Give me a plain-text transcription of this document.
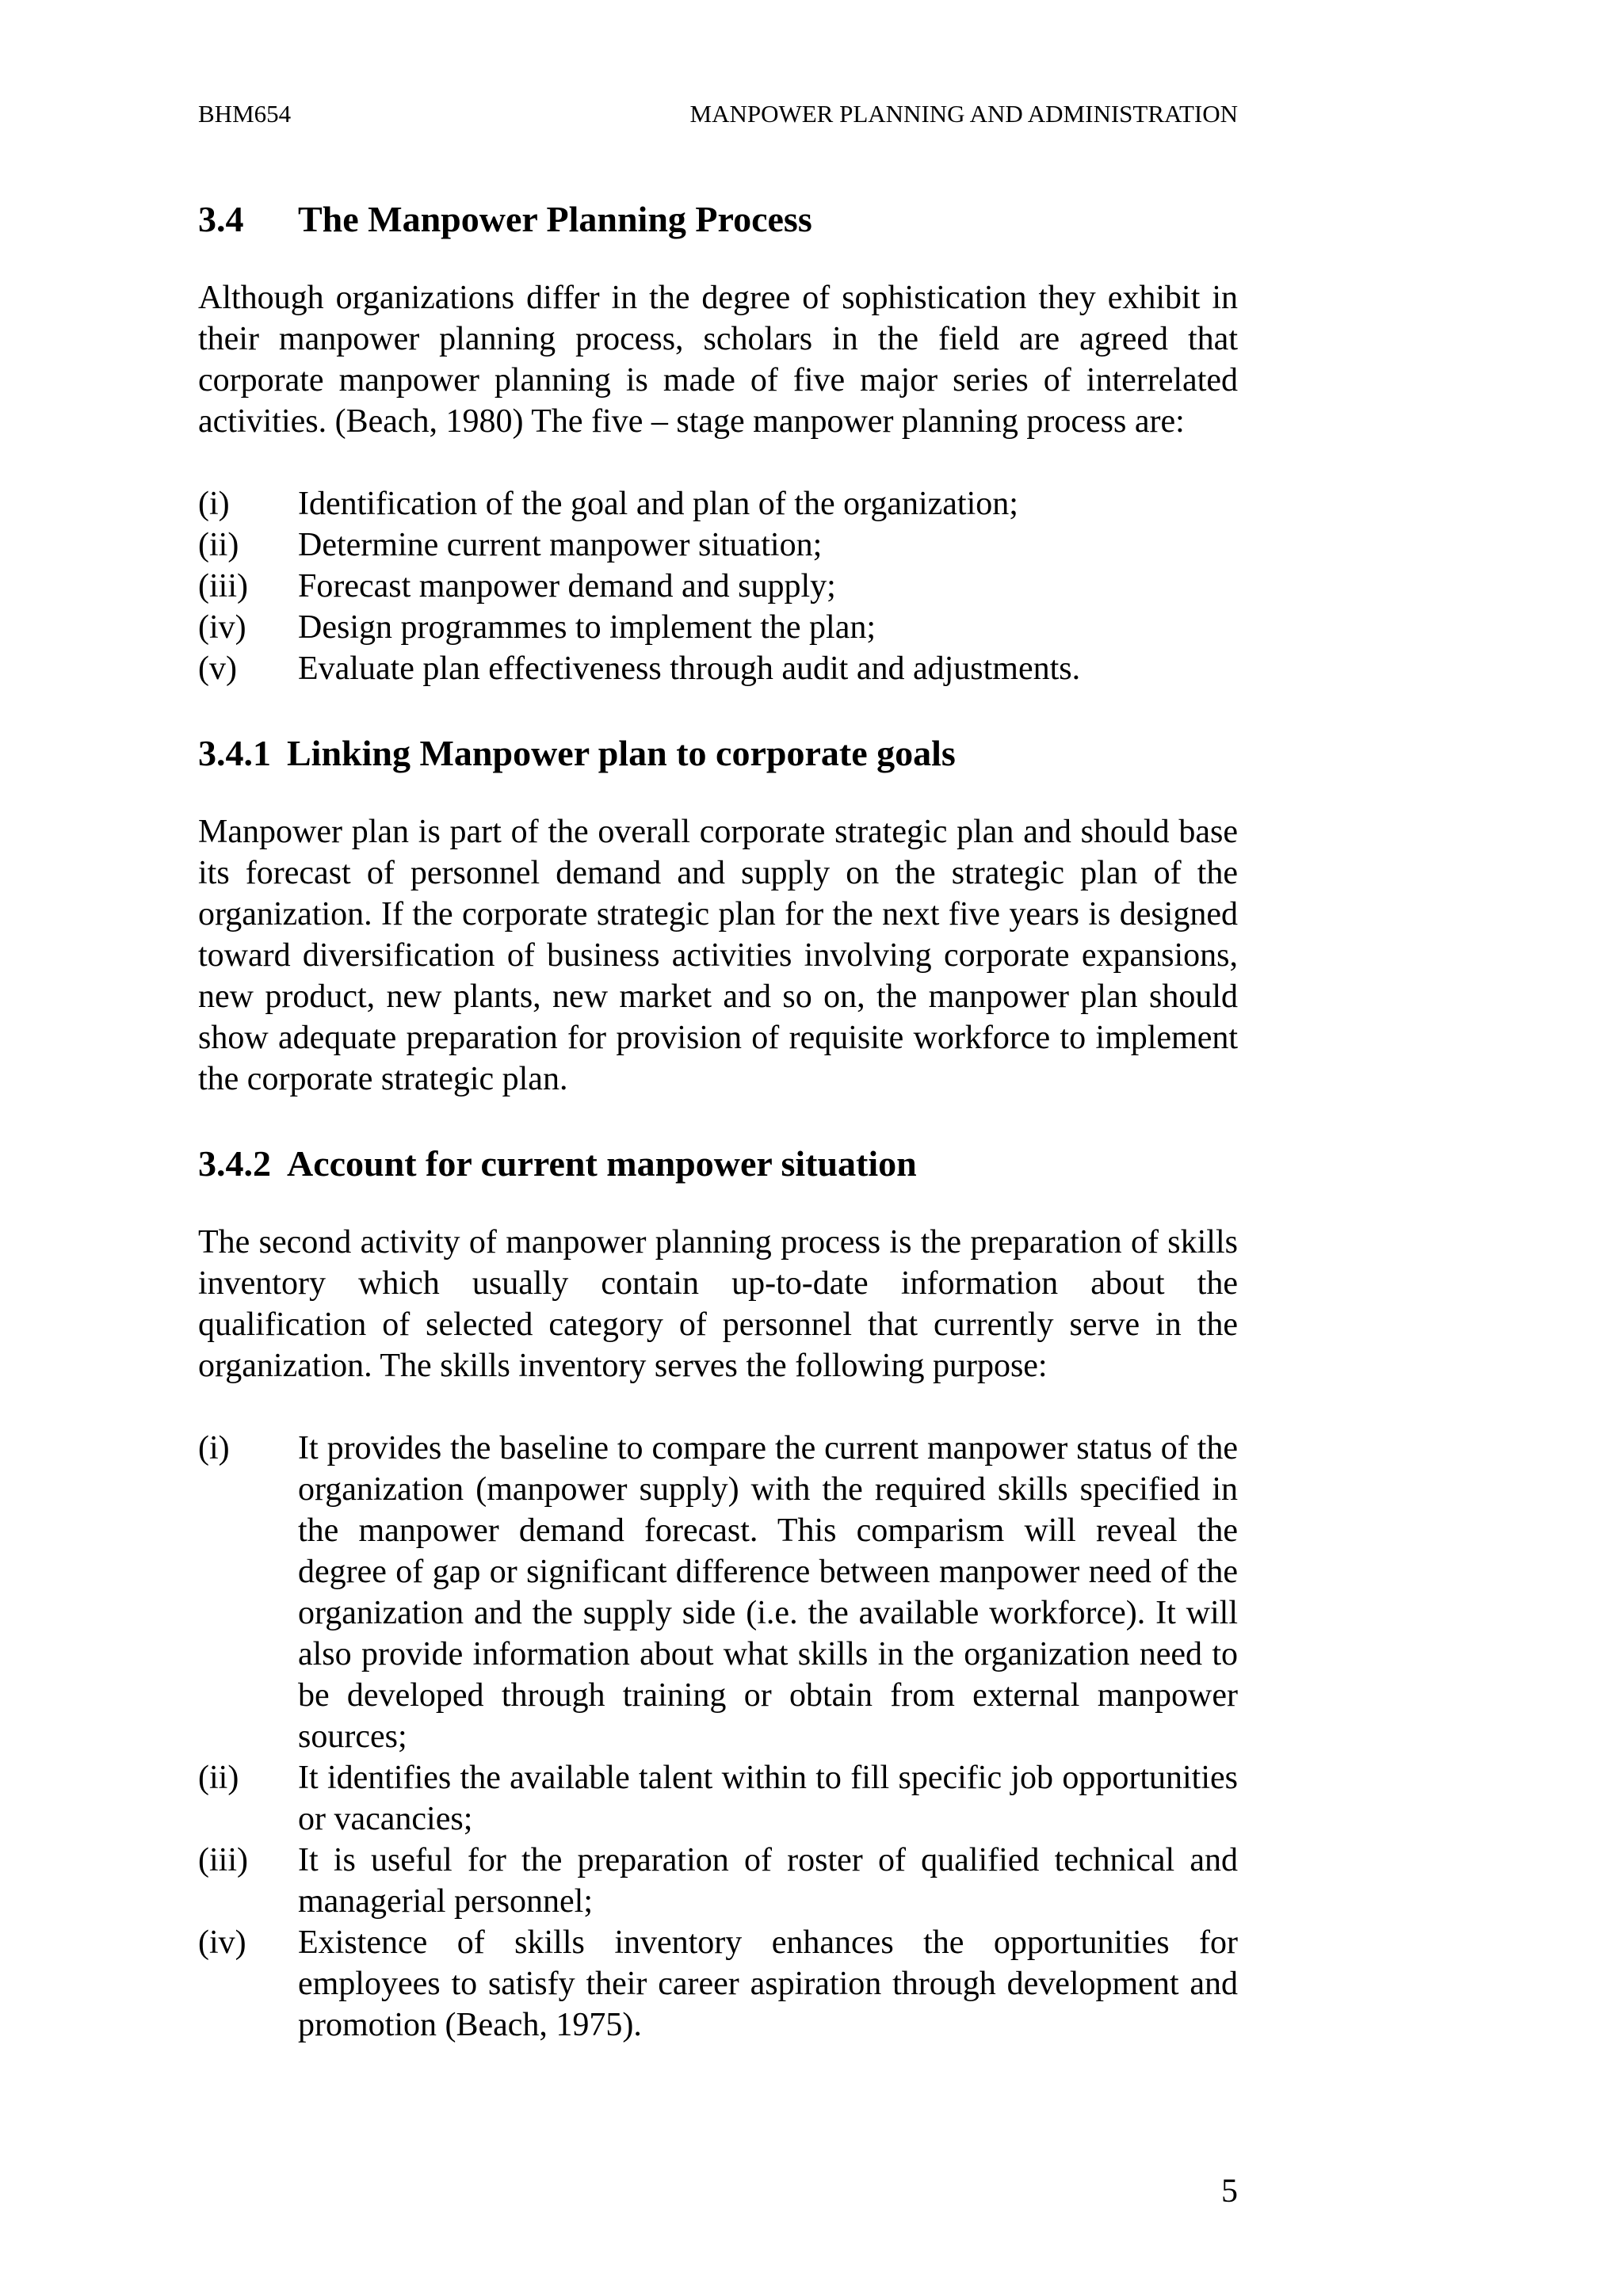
BHM654	MANPOWER PLANNING AND ADMINISTRATION
3.4	The Manpower Planning Process

Although organizations differ in the degree of sophistication they exhibit in their manpower planning process, scholars in the field are agreed that corporate manpower planning is made of five major series of interrelated activities. (Beach, 1980) The five – stage manpower planning process are:

(i)	Identification of the goal and plan of the organization;
(ii)	Determine current manpower situation;
(iii)	Forecast manpower demand and supply;
(iv)	Design programmes to implement the plan;
(v)	Evaluate plan effectiveness through audit and adjustments.
3.4.1 Linking Manpower plan to corporate goals

Manpower plan is part of the overall corporate strategic plan and should base its forecast of personnel demand and supply on the strategic plan of the organization. If the corporate strategic plan for the next five years is designed toward diversification of business activities involving corporate expansions, new product, new plants, new market and so on, the manpower plan should show adequate preparation for provision of requisite workforce to implement the corporate strategic plan.

3.4.2 Account for current manpower situation

The second activity of manpower planning process is the preparation of skills inventory which usually contain up-to-date information about the qualification of selected category of personnel that currently serve in the organization. The skills inventory serves the following purpose:

(i)	It provides the baseline to compare the current manpower status of the organization (manpower supply) with the required skills specified in the manpower demand forecast. This comparism will reveal the degree of gap or significant difference between manpower need of the organization and the supply side (i.e. the available workforce). It will also provide information about what skills in the organization need to be developed through training or obtain from external manpower sources;
(ii)	It identifies the available talent within to fill specific job opportunities or vacancies;
(iii)	It is useful for the preparation of roster of qualified technical and managerial personnel;
(iv)	Existence of skills inventory enhances the opportunities for employees to satisfy their career aspiration through development and promotion (Beach, 1975).
5
